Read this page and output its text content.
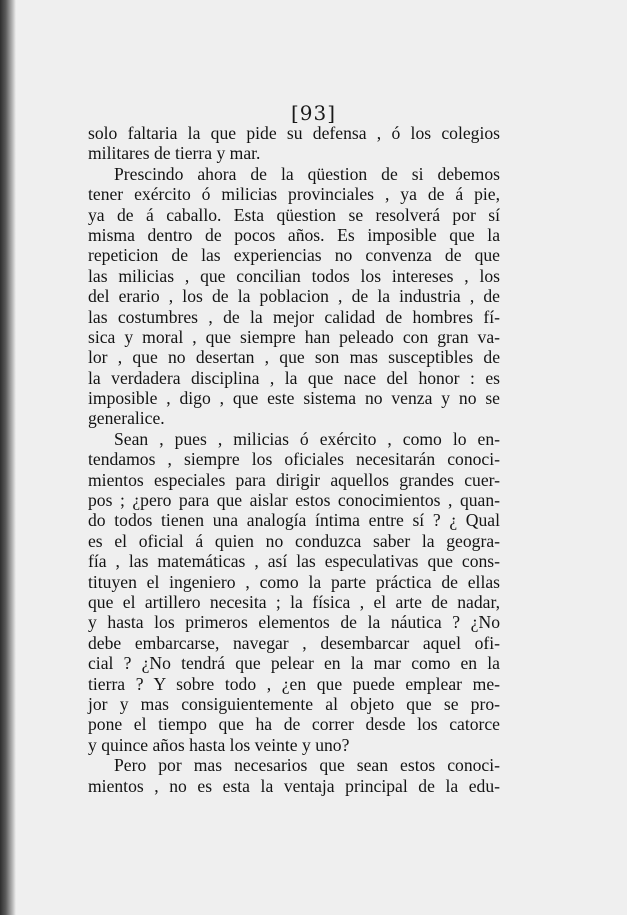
[93]

solo faltaria la que pide su defensa , ó los colegios
militares de tierra y mar.
Prescindo ahora de la qüestion de si debemos
tener exército ó milicias provinciales , ya de á pie,
ya de á caballo. Esta qüestion se resolverá por sí
misma dentro de pocos años. Es imposible que la
repeticion de las experiencias no convenza de que
las milicias , que concilian todos los intereses , los
del erario , los de la poblacion , de la industria , de
las costumbres , de la mejor calidad de hombres fí-
sica y moral , que siempre han peleado con gran va-
lor , que no desertan , que son mas susceptibles de
la verdadera disciplina , la que nace del honor : es
imposible , digo , que este sistema no venza y no se
generalice.
Sean , pues , milicias ó exército , como lo en-
tendamos , siempre los oficiales necesitarán conoci-
mientos especiales para dirigir aquellos grandes cuer-
pos ; ¿pero para que aislar estos conocimientos , quan-
do todos tienen una analogía íntima entre sí ? ¿ Qual
es el oficial á quien no conduzca saber la geogra-
fía , las matemáticas , así las especulativas que cons-
tituyen el ingeniero , como la parte práctica de ellas
que el artillero necesita ; la física , el arte de nadar,
y hasta los primeros elementos de la náutica ? ¿No
debe embarcarse, navegar , desembarcar aquel ofi-
cial ? ¿No tendrá que pelear en la mar como en la
tierra ? Y sobre todo , ¿en que puede emplear me-
jor y mas consiguientemente al objeto que se pro-
pone el tiempo que ha de correr desde los catorce
y quince años hasta los veinte y uno?
Pero por mas necesarios que sean estos conoci-
mientos , no es esta la ventaja principal de la edu-
